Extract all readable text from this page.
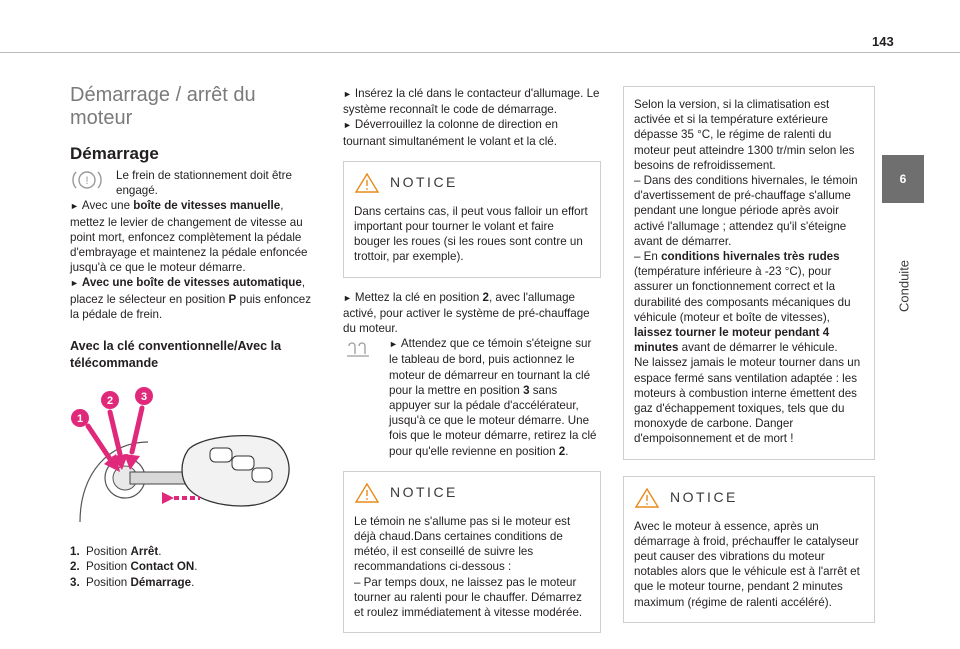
143
6
Conduite
Démarrage / arrêt du moteur
Démarrage
! Le frein de stationnement doit être engagé.

► Avec une boîte de vitesses manuelle, mettez le levier de changement de vitesse au point mort, enfoncez complètement la pédale d'embrayage et maintenez la pédale enfoncée jusqu'à ce que le moteur démarre.

► Avec une boîte de vitesses automatique, placez le sélecteur en position P puis enfoncez la pédale de frein.

Avec la clé conventionnelle/Avec la télécommande
1
2	3
1. Position Arrêt.
2. Position Contact ON.
3. Position Démarrage.

► Insérez la clé dans le contacteur d'allumage. Le système reconnaît le code de démarrage.

► Déverrouillez la colonne de direction en tournant simultanément le volant et la clé.

NOTICE

Dans certains cas, il peut vous falloir un effort important pour tourner le volant et faire bouger les roues (si les roues sont contre un trottoir, par exemple).

► Mettez la clé en position 2, avec l'allumage activé, pour activer le système de pré-chauffage du moteur.

► Attendez que ce témoin s'éteigne sur le tableau de bord, puis actionnez le moteur de démarreur en tournant la clé pour la mettre en position 3 sans appuyer sur la pédale d'accélérateur, jusqu'à ce que le moteur démarre. Une fois que le moteur démarre, retirez la clé pour qu'elle revienne en position 2.

NOTICE

Le témoin ne s'allume pas si le moteur est déjà chaud.Dans certaines conditions de météo, il est conseillé de suivre les recommandations ci-dessous :
– Par temps doux, ne laissez pas le moteur tourner au ralenti pour le chauffer. Démarrez et roulez immédiatement à vitesse modérée.

Selon la version, si la climatisation est activée et si la température extérieure dépasse 35 °C, le régime de ralenti du moteur peut atteindre 1300 tr/min selon les besoins de refroidissement.

– Dans des conditions hivernales, le témoin d'avertissement de pré-chauffage s'allume pendant une longue période après avoir activé l'allumage ; attendez qu'il s'éteigne avant de démarrer.

– En conditions hivernales très rudes (température inférieure à -23 °C), pour assurer un fonctionnement correct et la durabilité des composants mécaniques du véhicule (moteur et boîte de vitesses), laissez tourner le moteur pendant 4 minutes avant de démarrer le véhicule.

Ne laissez jamais le moteur tourner dans un espace fermé sans ventilation adaptée : les moteurs à combustion interne émettent des gaz d'échappement toxiques, tels que du monoxyde de carbone. Danger d'empoisonnement et de mort !

NOTICE

Avec le moteur à essence, après un démarrage à froid, préchauffer le catalyseur peut causer des vibrations du moteur notables alors que le véhicule est à l'arrêt et que le moteur tourne, pendant 2 minutes maximum (régime de ralenti accéléré).
